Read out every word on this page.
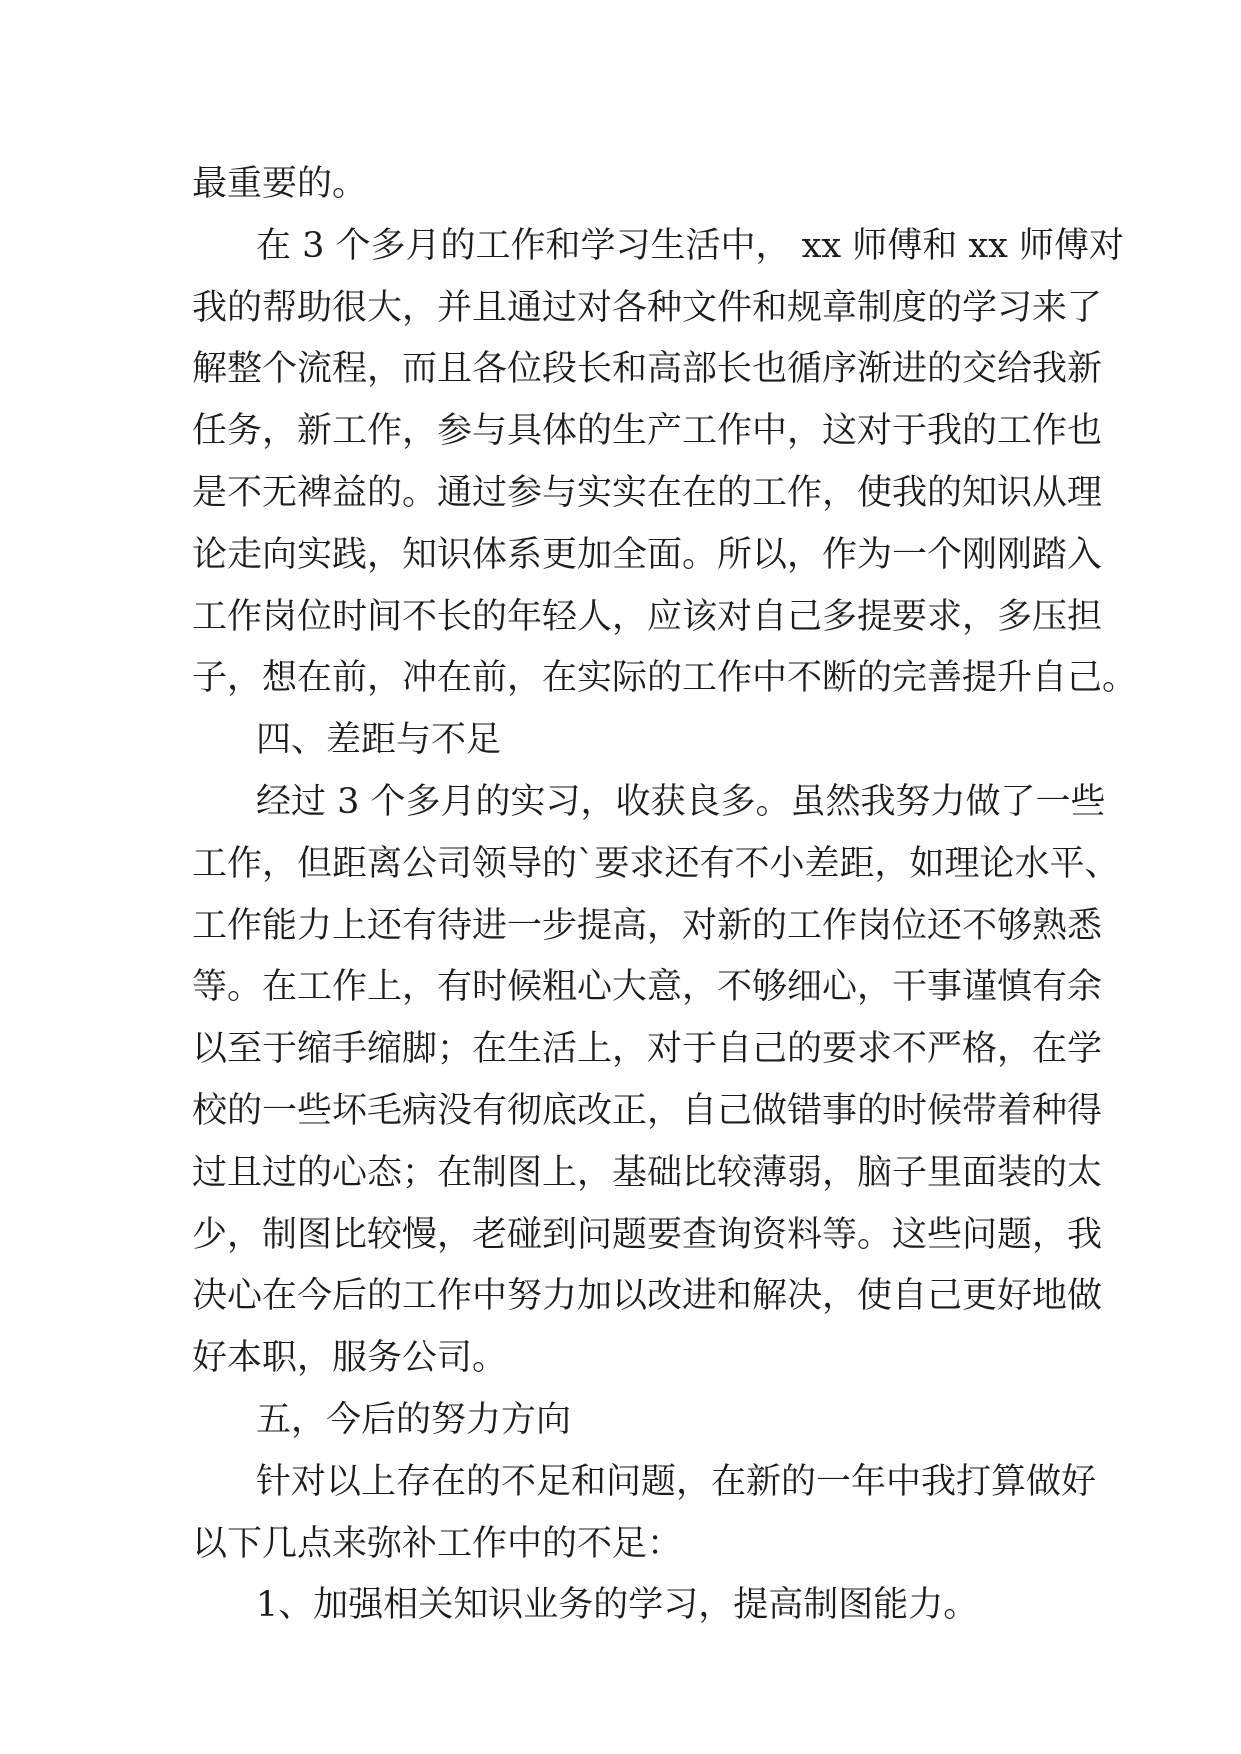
最重要的。
在 3 个多月的工作和学习生活中， xx 师傅和 xx 师傅对
我的帮助很大，并且通过对各种文件和规章制度的学习来了
解整个流程，而且各位段长和高部长也循序渐进的交给我新
任务，新工作，参与具体的生产工作中，这对于我的工作也
是不无裨益的。通过参与实实在在的工作，使我的知识从理
论走向实践，知识体系更加全面。所以，作为一个刚刚踏入
工作岗位时间不长的年轻人，应该对自己多提要求，多压担
子，想在前，冲在前，在实际的工作中不断的完善提升自己。
四、差距与不足
经过 3 个多月的实习，收获良多。虽然我努力做了一些
工作，但距离公司领导的`要求还有不小差距，如理论水平、
工作能力上还有待进一步提高，对新的工作岗位还不够熟悉
等。在工作上，有时候粗心大意，不够细心，干事谨慎有余
以至于缩手缩脚；在生活上，对于自己的要求不严格，在学
校的一些坏毛病没有彻底改正，自己做错事的时候带着种得
过且过的心态；在制图上，基础比较薄弱，脑子里面装的太
少，制图比较慢，老碰到问题要查询资料等。这些问题，我
决心在今后的工作中努力加以改进和解决，使自己更好地做
好本职，服务公司。
五，今后的努力方向
针对以上存在的不足和问题，在新的一年中我打算做好
以下几点来弥补工作中的不足：
1、加强相关知识业务的学习，提高制图能力。
